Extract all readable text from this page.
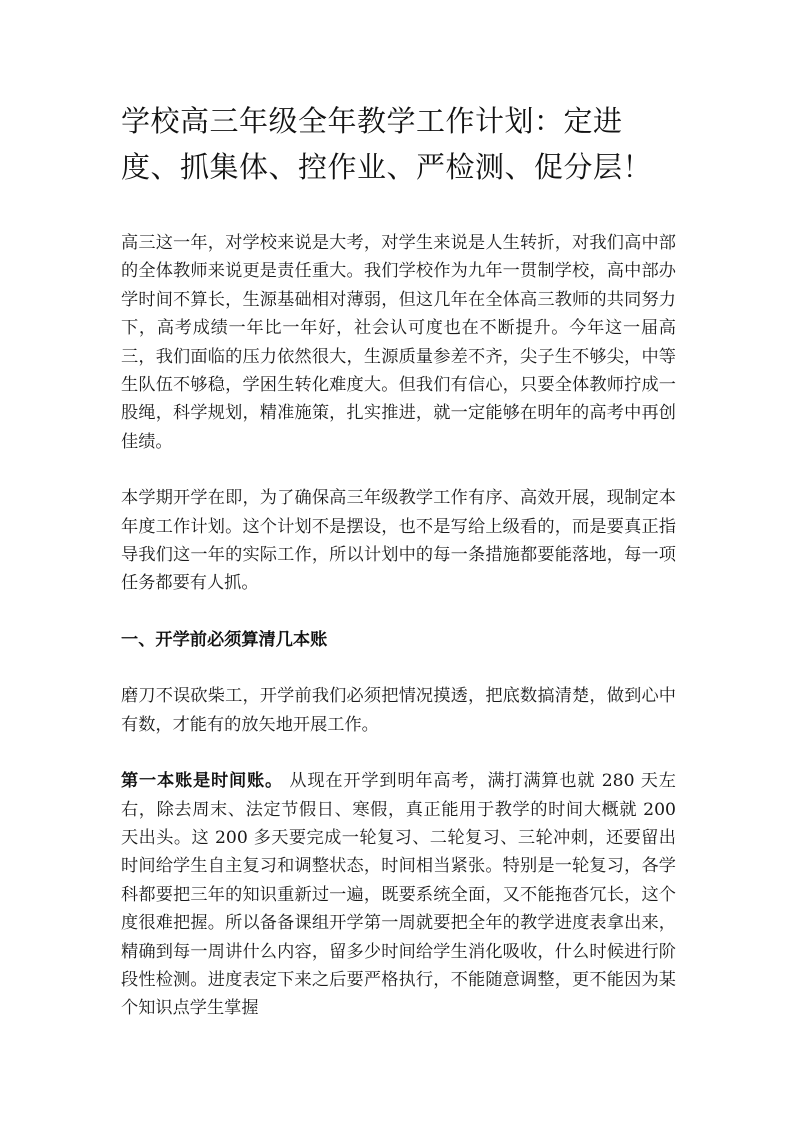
学校高三年级全年教学工作计划：定进度、抓集体、控作业、严检测、促分层！

高三这一年，对学校来说是大考，对学生来说是人生转折，对我们高中部的全体教师来说更是责任重大。我们学校作为九年一贯制学校，高中部办学时间不算长，生源基础相对薄弱，但这几年在全体高三教师的共同努力下，高考成绩一年比一年好，社会认可度也在不断提升。今年这一届高三，我们面临的压力依然很大，生源质量参差不齐，尖子生不够尖，中等生队伍不够稳，学困生转化难度大。但我们有信心，只要全体教师拧成一股绳，科学规划，精准施策，扎实推进，就一定能够在明年的高考中再创佳绩。

本学期开学在即，为了确保高三年级教学工作有序、高效开展，现制定本年度工作计划。这个计划不是摆设，也不是写给上级看的，而是要真正指导我们这一年的实际工作，所以计划中的每一条措施都要能落地，每一项任务都要有人抓。

一、开学前必须算清几本账

磨刀不误砍柴工，开学前我们必须把情况摸透，把底数搞清楚，做到心中有数，才能有的放矢地开展工作。

第一本账是时间账。 从现在开学到明年高考，满打满算也就 280 天左右，除去周末、法定节假日、寒假，真正能用于教学的时间大概就 200 天出头。这 200 多天要完成一轮复习、二轮复习、三轮冲刺，还要留出时间给学生自主复习和调整状态，时间相当紧张。特别是一轮复习，各学科都要把三年的知识重新过一遍，既要系统全面，又不能拖沓冗长，这个度很难把握。所以备备课组开学第一周就要把全年的教学进度表拿出来，精确到每一周讲什么内容，留多少时间给学生消化吸收，什么时候进行阶段性检测。进度表定下来之后要严格执行，不能随意调整，更不能因为某个知识点学生掌握
